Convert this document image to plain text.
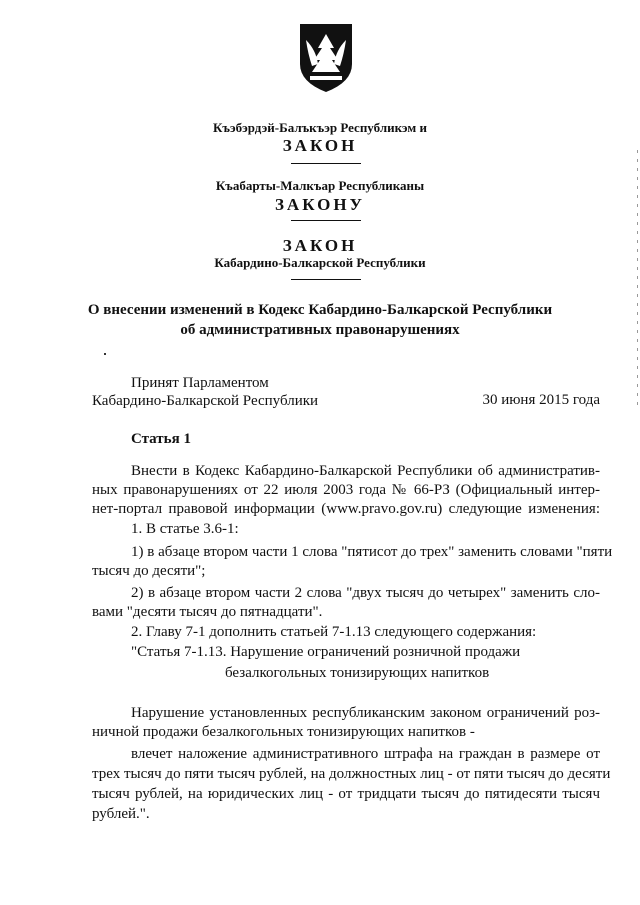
Къэбэрдэй-Балъкъэр Республикэм и
ЗАКОН
Къабарты-Малкъар Республиканы
ЗАКОНУ
ЗАКОН
Кабардино-Балкарской Республики
О внесении изменений в Кодекс Кабардино-Балкарской Республики
об административных правонарушениях
Принят Парламентом
Кабардино-Балкарской Республики	30 июня 2015 года
Статья 1
Внести в Кодекс Кабардино-Балкарской Республики об административ-
ных правонарушениях от 22 июля 2003 года № 66-РЗ (Официальный интер-
нет-портал правовой информации (www.pravo.gov.ru) следующие изменения:
1. В статье 3.6-1:
1) в абзаце втором части 1 слова "пятисот до трех" заменить словами "пяти
тысяч до десяти";
2) в абзаце втором части 2 слова "двух тысяч до четырех" заменить сло-
вами "десяти тысяч до пятнадцати".
2. Главу 7-1 дополнить статьей 7-1.13 следующего содержания:
"Статья 7-1.13. Нарушение ограничений розничной продажи
безалкогольных тонизирующих напитков
Нарушение установленных республиканским законом ограничений роз-
ничной продажи безалкогольных тонизирующих напитков -
влечет наложение административного штрафа на граждан в размере от
трех тысяч до пяти тысяч рублей, на должностных лиц - от пяти тысяч до десяти
тысяч рублей, на юридических лиц - от тридцати тысяч до пятидесяти тысяч
рублей.".
